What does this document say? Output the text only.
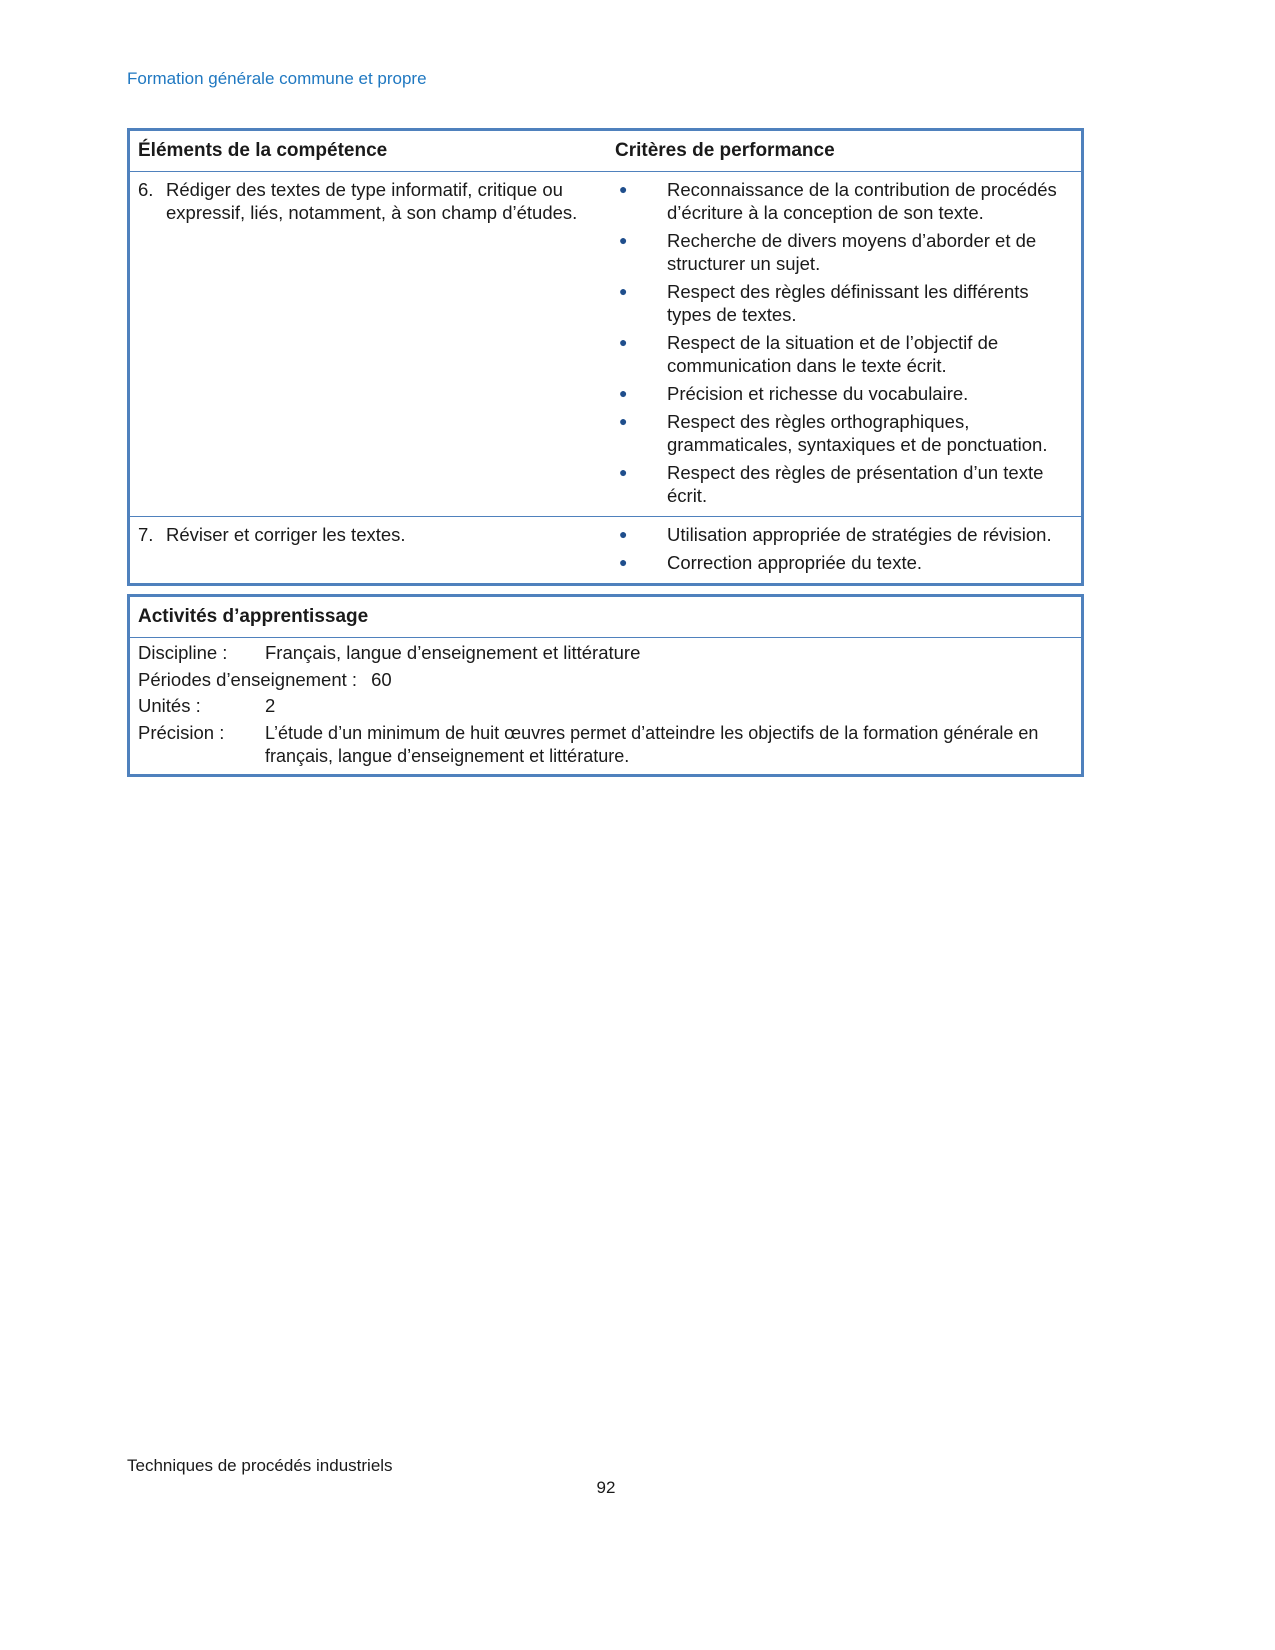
Formation générale commune et propre
Éléments de la compétence	Critères de performance
6. Rédiger des textes de type informatif, critique ou expressif, liés, notamment, à son champ d’études.
●	Reconnaissance de la contribution de procédés d’écriture à la conception de son texte.
●	Recherche de divers moyens d’aborder et de structurer un sujet.
●	Respect des règles définissant les différents types de textes.
●	Respect de la situation et de l’objectif de communication dans le texte écrit.
●	Précision et richesse du vocabulaire.
●	Respect des règles orthographiques, grammaticales, syntaxiques et de ponctuation.
●	Respect des règles de présentation d’un texte écrit.
7. Réviser et corriger les textes.	●	Utilisation appropriée de stratégies de révision.
●	Correction appropriée du texte.
Activités d’apprentissage
Discipline :	Français, langue d’enseignement et littérature
Périodes d’enseignement : 60
Unités :	2
Précision :	L’étude d’un minimum de huit œuvres permet d’atteindre les objectifs de la formation générale en français, langue d’enseignement et littérature.
Techniques de procédés industriels
92
